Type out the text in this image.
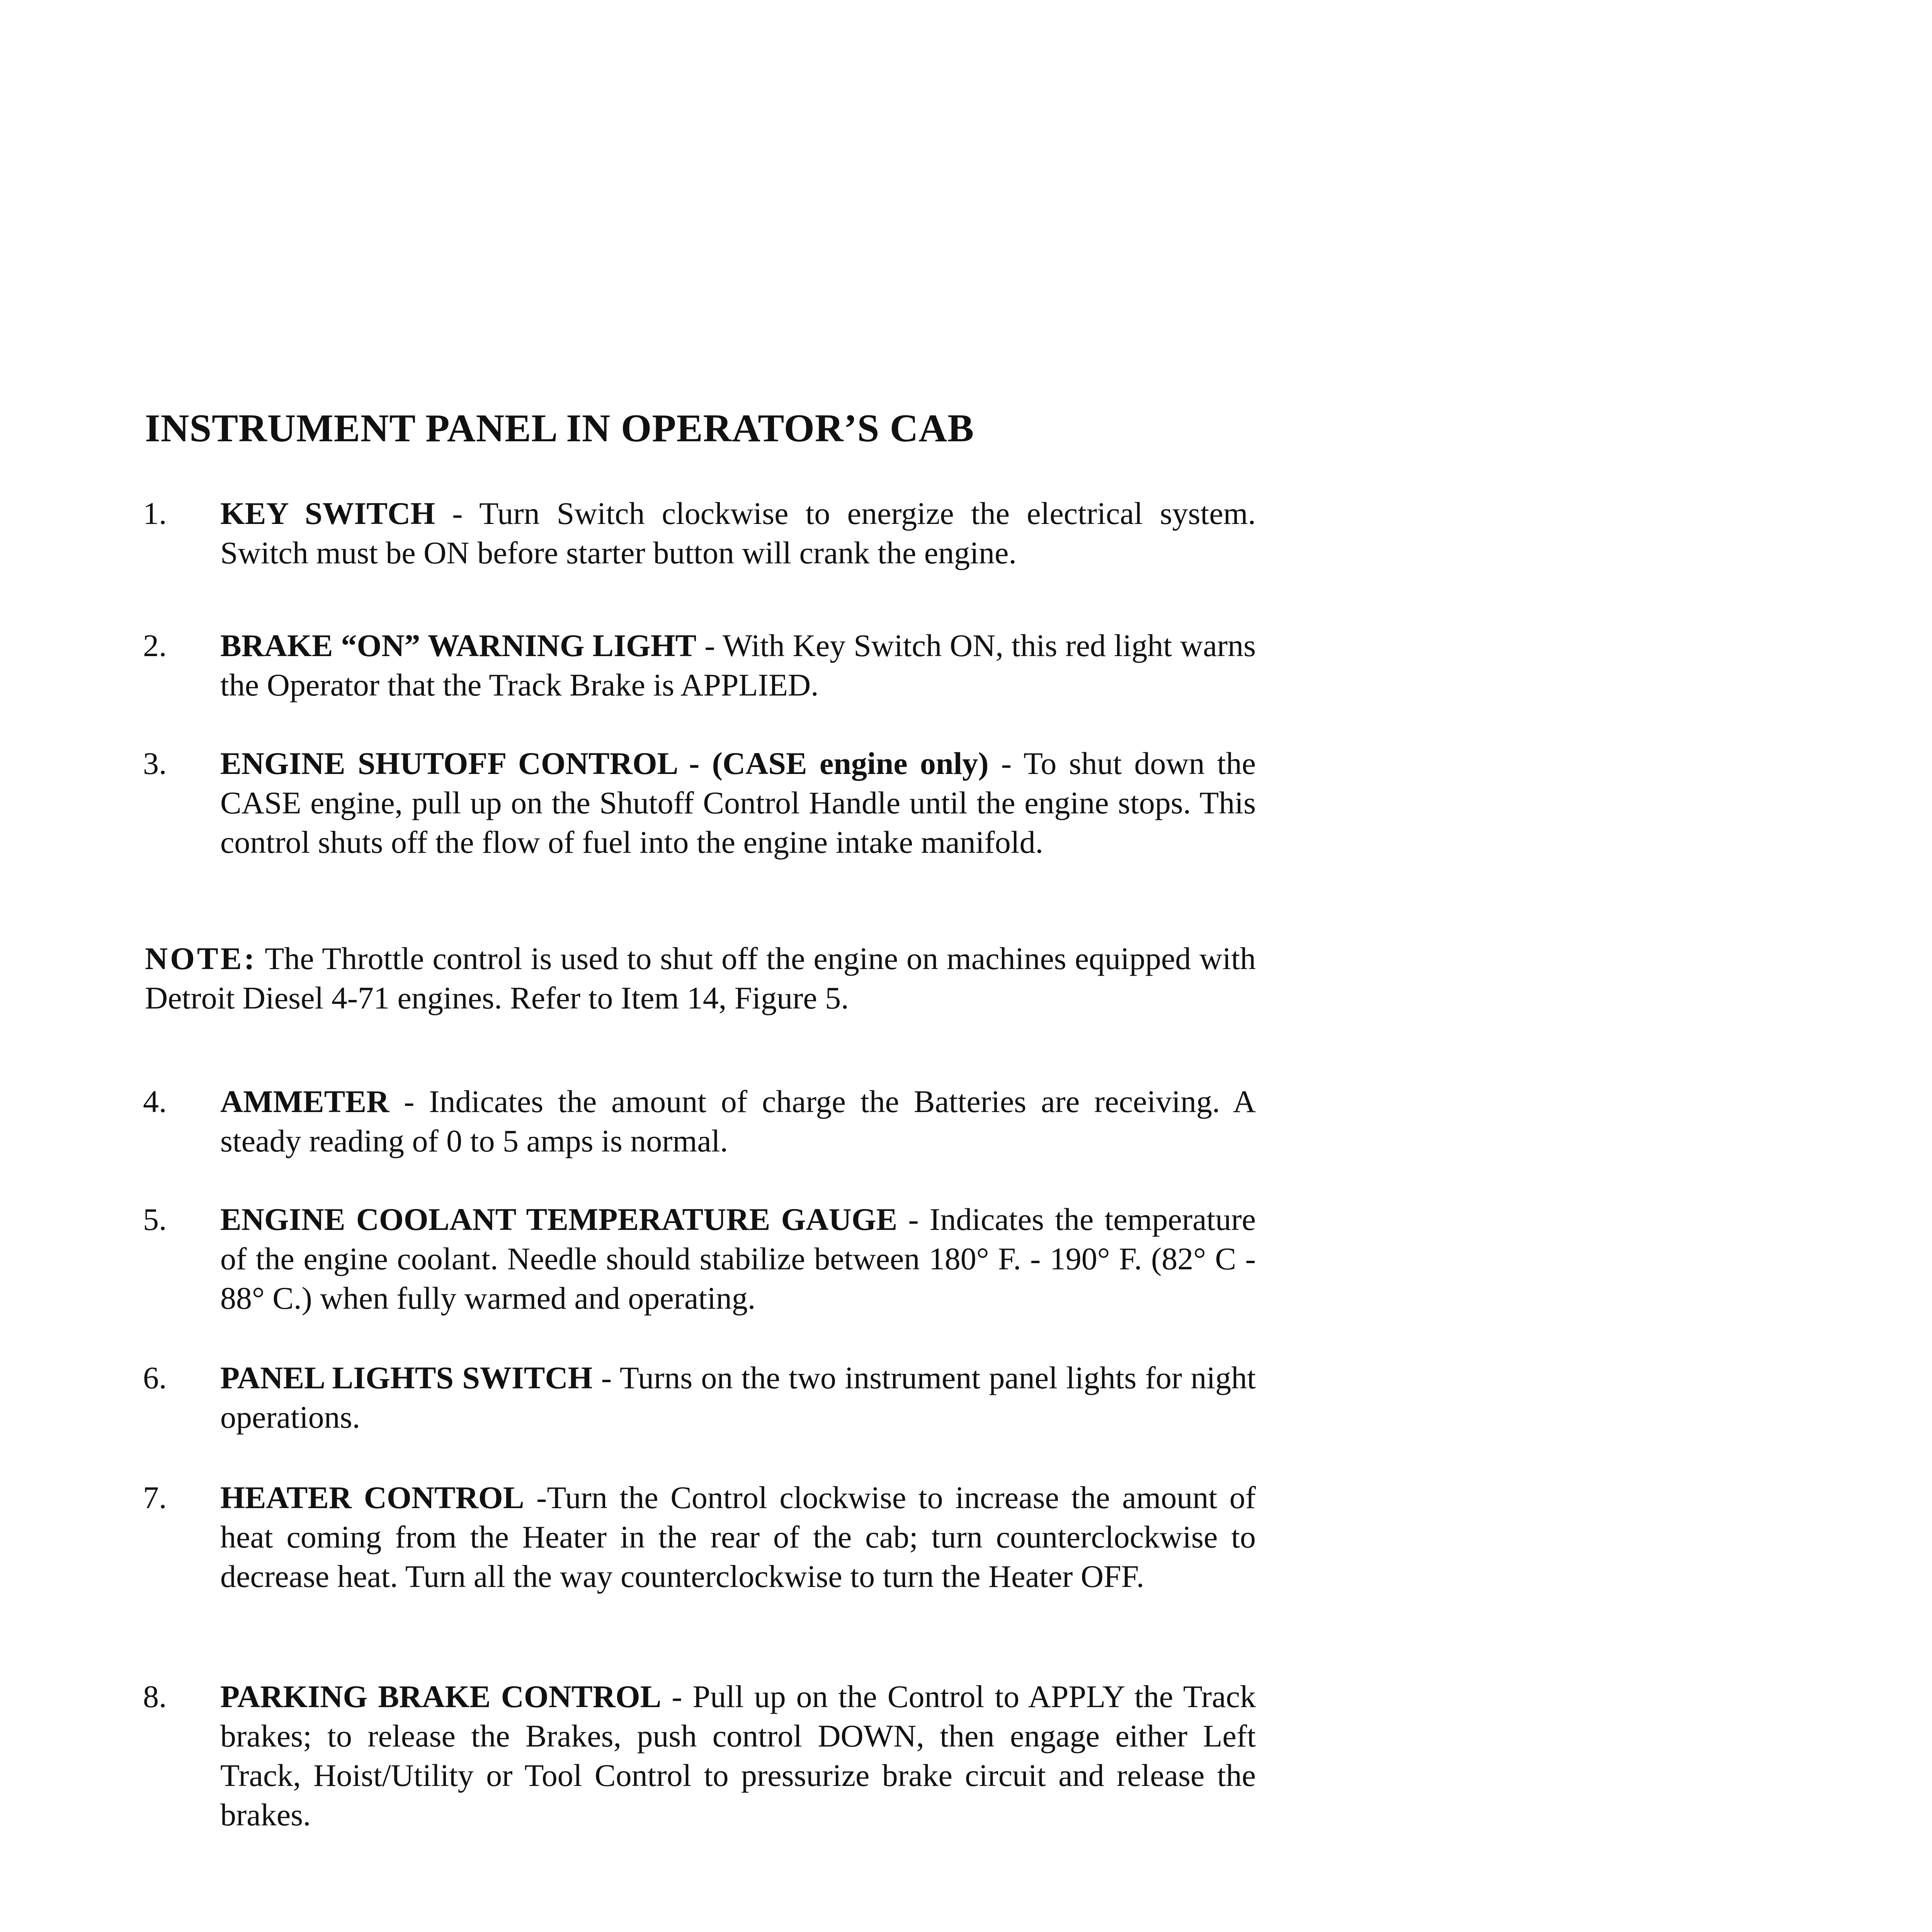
INSTRUMENT PANEL IN OPERATOR’S CAB
1. KEY SWITCH - Turn Switch clockwise to energize the electrical system. Switch must be ON before starter button will crank the engine.
2. BRAKE “ON” WARNING LIGHT - With Key Switch ON, this red light warns the Operator that the Track Brake is APPLIED.
3. ENGINE SHUTOFF CONTROL - (CASE engine only) - To shut down the CASE engine, pull up on the Shutoff Control Handle until the engine stops. This control shuts off the flow of fuel into the engine intake manifold.
NOTE: The Throttle control is used to shut off the engine on machines equipped with Detroit Diesel 4-71 engines. Refer to Item 14, Figure 5.
4. AMMETER - Indicates the amount of charge the Batteries are receiving. A steady reading of 0 to 5 amps is normal.
5. ENGINE COOLANT TEMPERATURE GAUGE - Indicates the temperature of the engine coolant. Needle should stabilize between 180° F. - 190° F. (82° C - 88° C.) when fully warmed and operating.
6. PANEL LIGHTS SWITCH - Turns on the two instrument panel lights for night operations.
7. HEATER CONTROL -Turn the Control clockwise to increase the amount of heat coming from the Heater in the rear of the cab; turn counterclockwise to decrease heat. Turn all the way counterclockwise to turn the Heater OFF.
8. PARKING BRAKE CONTROL - Pull up on the Control to APPLY the Track brakes; to release the Brakes, push control DOWN, then engage either Left Track, Hoist/Utility or Tool Control to pressurize brake circuit and release the brakes.
